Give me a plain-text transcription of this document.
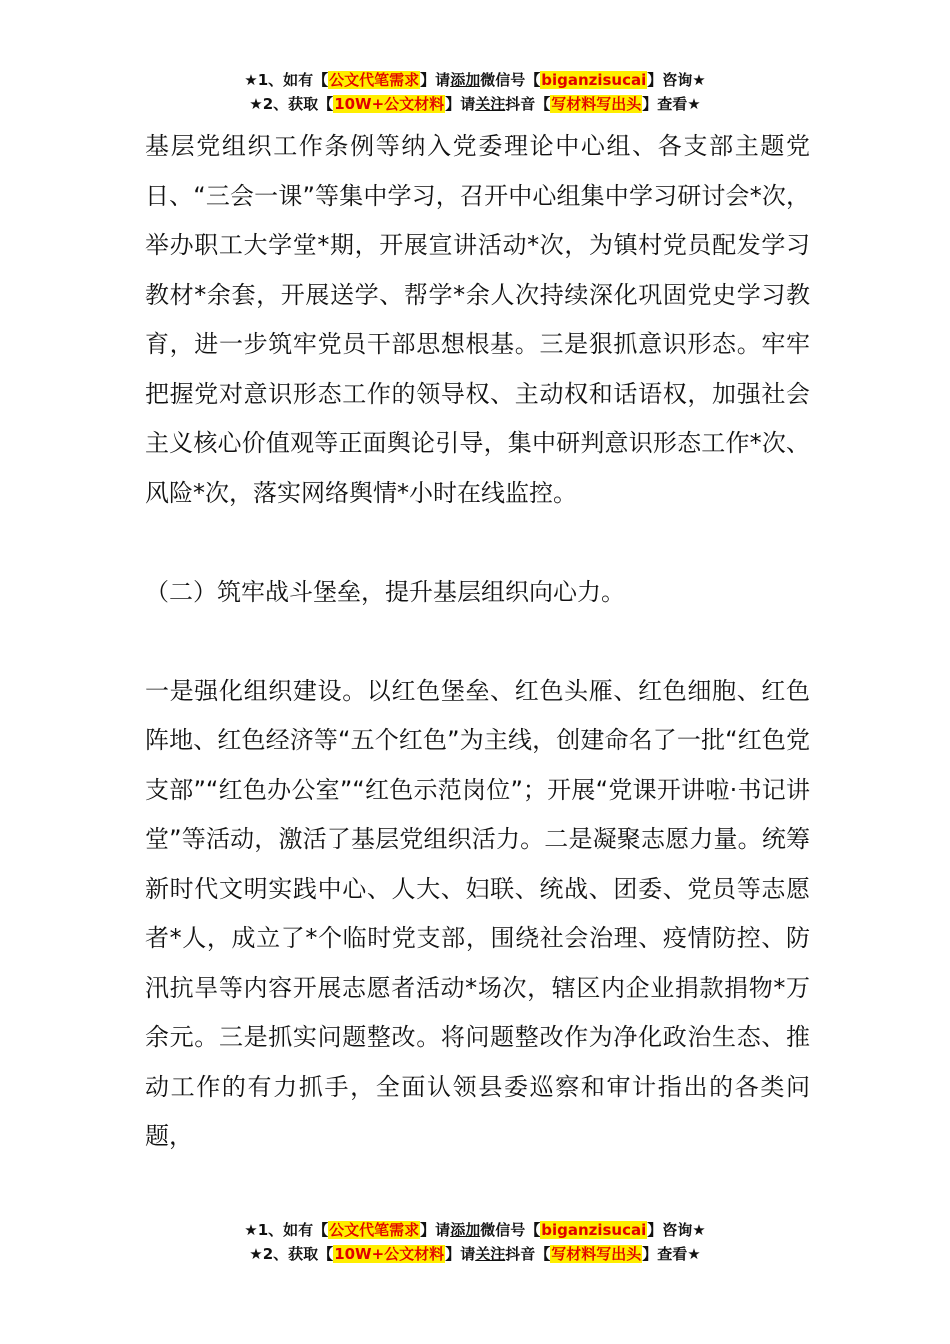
★1、如有【公文代笔需求】请添加微信号【biganzisucai】咨询★
★2、获取【10W+公文材料】请关注抖音【写材料写出头】查看★

基层党组织工作条例等纳入党委理论中心组、各支部主题党日、“三会一课”等集中学习，召开中心组集中学习研讨会*次，举办职工大学堂*期，开展宣讲活动*次，为镇村党员配发学习教材*余套，开展送学、帮学*余人次持续深化巩固党史学习教育，进一步筑牢党员干部思想根基。三是狠抓意识形态。牢牢把握党对意识形态工作的领导权、主动权和话语权，加强社会主义核心价值观等正面舆论引导，集中研判意识形态工作*次、风险*次，落实网络舆情*小时在线监控。

（二）筑牢战斗堡垒，提升基层组织向心力。

一是强化组织建设。以红色堡垒、红色头雁、红色细胞、红色阵地、红色经济等“五个红色”为主线，创建命名了一批“红色党支部”“红色办公室”“红色示范岗位”；开展“党课开讲啦·书记讲堂”等活动，激活了基层党组织活力。二是凝聚志愿力量。统筹新时代文明实践中心、人大、妇联、统战、团委、党员等志愿者*人，成立了*个临时党支部，围绕社会治理、疫情防控、防汛抗旱等内容开展志愿者活动*场次，辖区内企业捐款捐物*万余元。三是抓实问题整改。将问题整改作为净化政治生态、推动工作的有力抓手，全面认领县委巡察和审计指出的各类问题，

★1、如有【公文代笔需求】请添加微信号【biganzisucai】咨询★
★2、获取【10W+公文材料】请关注抖音【写材料写出头】查看★
